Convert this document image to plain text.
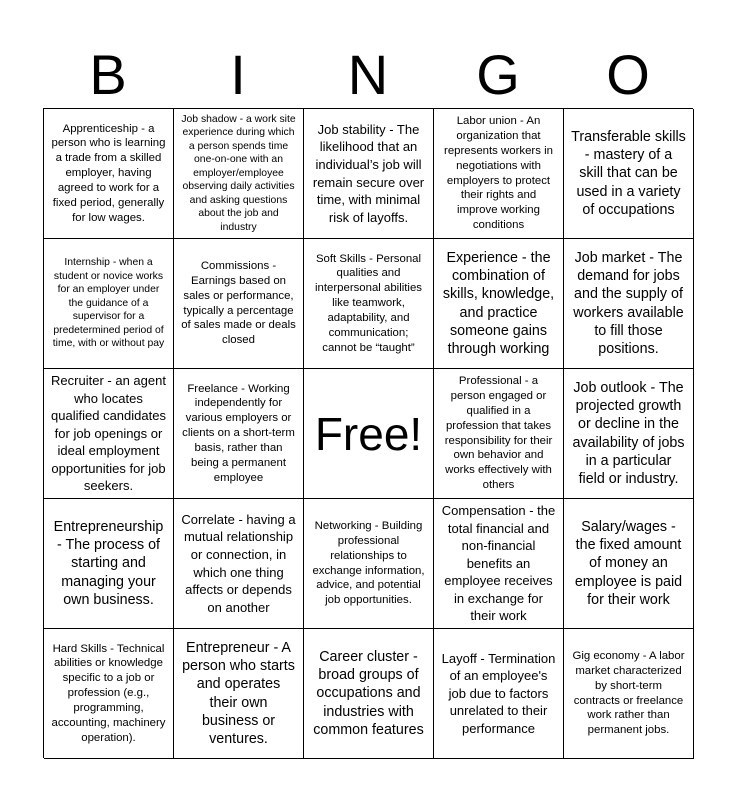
B	I	N	G	O
Apprenticeship - a person who is learning a trade from a skilled employer, having agreed to work for a fixed period, generally for low wages.
Job shadow - a work site experience during which a person spends time one-on-one with an employer/employee observing daily activities and asking questions about the job and industry
Job stability - The likelihood that an individual’s job will remain secure over time, with minimal risk of layoffs.
Labor union - An organization that represents workers in negotiations with employers to protect their rights and improve working conditions
Transferable skills - mastery of a skill that can be used in a variety of occupations
Internship - when a student or novice works for an employer under the guidance of a supervisor for a predetermined period of time, with or without pay
Commissions - Earnings based on sales or performance, typically a percentage of sales made or deals closed
Soft Skills - Personal qualities and interpersonal abilities like teamwork, adaptability, and communication; cannot be “taught”
Experience - the combination of skills, knowledge, and practice someone gains through working
Job market - The demand for jobs and the supply of workers available to fill those positions.
Recruiter - an agent who locates qualified candidates for job openings or ideal employment opportunities for job seekers.
Freelance - Working independently for various employers or clients on a short-term basis, rather than being a permanent employee
Free!
Professional - a person engaged or qualified in a profession that takes responsibility for their own behavior and works effectively with others
Job outlook - The projected growth or decline in the availability of jobs in a particular field or industry.
Entrepreneurship - The process of starting and managing your own business.
Correlate - having a mutual relationship or connection, in which one thing affects or depends on another
Networking - Building professional relationships to exchange information, advice, and potential job opportunities.
Compensation - the total financial and non-financial benefits an employee receives in exchange for their work
Salary/wages - the fixed amount of money an employee is paid for their work
Hard Skills - Technical abilities or knowledge specific to a job or profession (e.g., programming, accounting, machinery operation).
Entrepreneur - A person who starts and operates their own business or ventures.
Career cluster - broad groups of occupations and industries with common features
Layoff - Termination of an employee's job due to factors unrelated to their performance
Gig economy - A labor market characterized by short-term contracts or freelance work rather than permanent jobs.
